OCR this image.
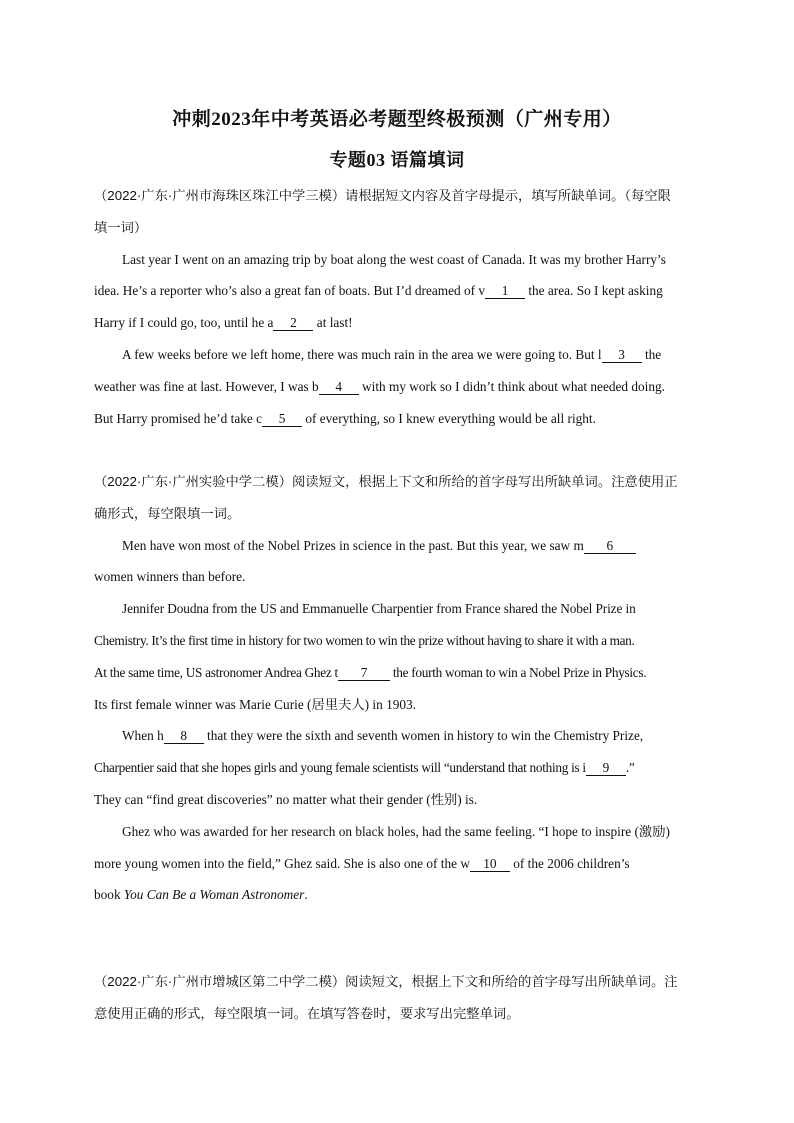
冲刺2023年中考英语必考题型终极预测（广州专用）
专题03 语篇填词
（2022·广东·广州市海珠区珠江中学三模）请根据短文内容及首字母提示，填写所缺单词。（每空限
填一词）
Last year I went on an amazing trip by boat along the west coast of Canada. It was my brother Harry’s
idea. He’s a reporter who’s also a great fan of boats. But I’d dreamed of v 1 the area. So I kept asking
Harry if I could go, too, until he a 2 at last!
A few weeks before we left home, there was much rain in the area we were going to. But l 3 the
weather was fine at last. However, I was b 4 with my work so I didn’t think about what needed doing.
But Harry promised he’d take c 5 of everything, so I knew everything would be all right.
（2022·广东·广州实验中学二模）阅读短文，根据上下文和所给的首字母写出所缺单词。注意使用正
确形式，每空限填一词。
Men have won most of the Nobel Prizes in science in the past. But this year, we saw m 6
women winners than before.
Jennifer Doudna from the US and Emmanuelle Charpentier from France shared the Nobel Prize in
Chemistry. It’s the first time in history for two women to win the prize without having to share it with a man.
At the same time, US astronomer Andrea Ghez t 7 the fourth woman to win a Nobel Prize in Physics.
Its first female winner was Marie Curie (居里夫人) in 1903.
When h 8 that they were the sixth and seventh women in history to win the Chemistry Prize,
Charpentier said that she hopes girls and young female scientists will “understand that nothing is i 9 .”
They can “find great discoveries” no matter what their gender (性别) is.
Ghez who was awarded for her research on black holes, had the same feeling. “I hope to inspire (激励)
more young women into the field,” Ghez said. She is also one of the w 10 of the 2006 children’s
book You Can Be a Woman Astronomer.
（2022·广东·广州市增城区第二中学二模）阅读短文，根据上下文和所给的首字母写出所缺单词。注
意使用正确的形式，每空限填一词。在填写答卷时，要求写出完整单词。
